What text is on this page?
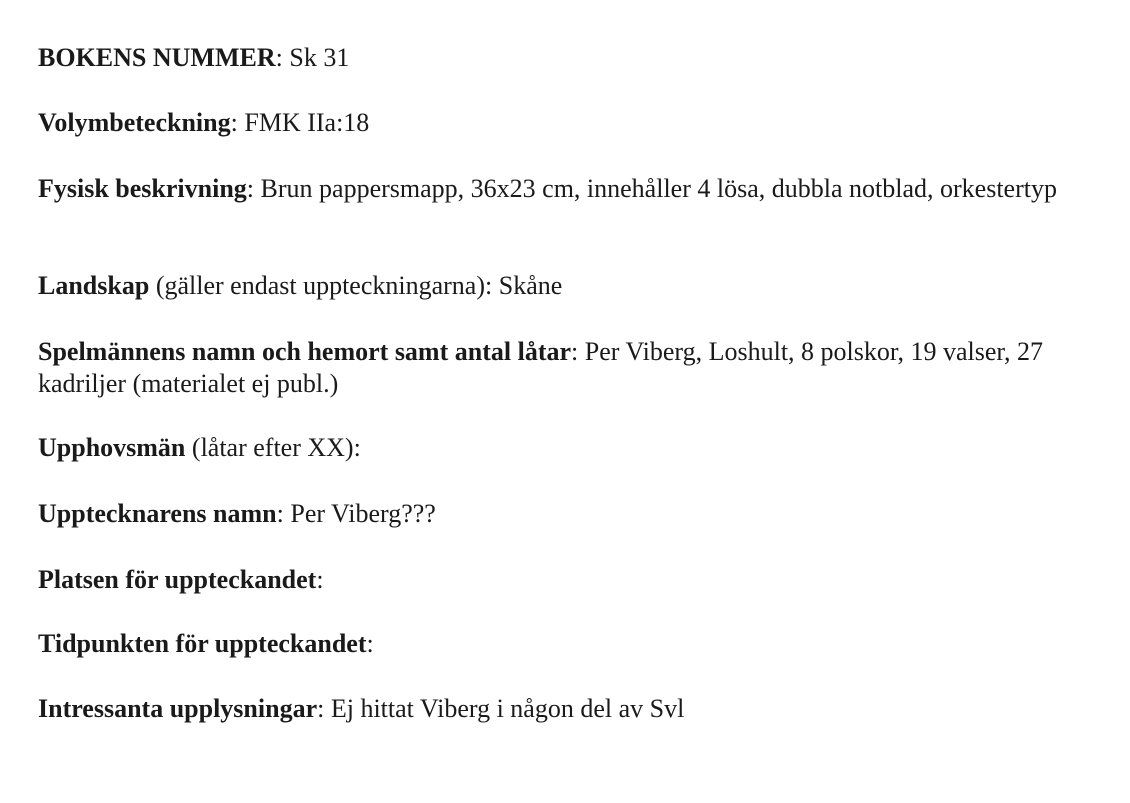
BOKENS NUMMER: Sk 31

Volymbeteckning: FMK IIa:18

Fysisk beskrivning: Brun pappersmapp, 36x23 cm, innehåller 4 lösa, dubbla notblad, orkestertyp

Landskap (gäller endast uppteckningarna): Skåne

Spelmännens namn och hemort samt antal låtar: Per Viberg, Loshult, 8 polskor, 19 valser, 27 kadriljer (materialet ej publ.)

Upphovsmän (låtar efter XX):

Upptecknarens namn: Per Viberg???

Platsen för uppteckandet:

Tidpunkten för uppteckandet:

Intressanta upplysningar: Ej hittat Viberg i någon del av Svl
